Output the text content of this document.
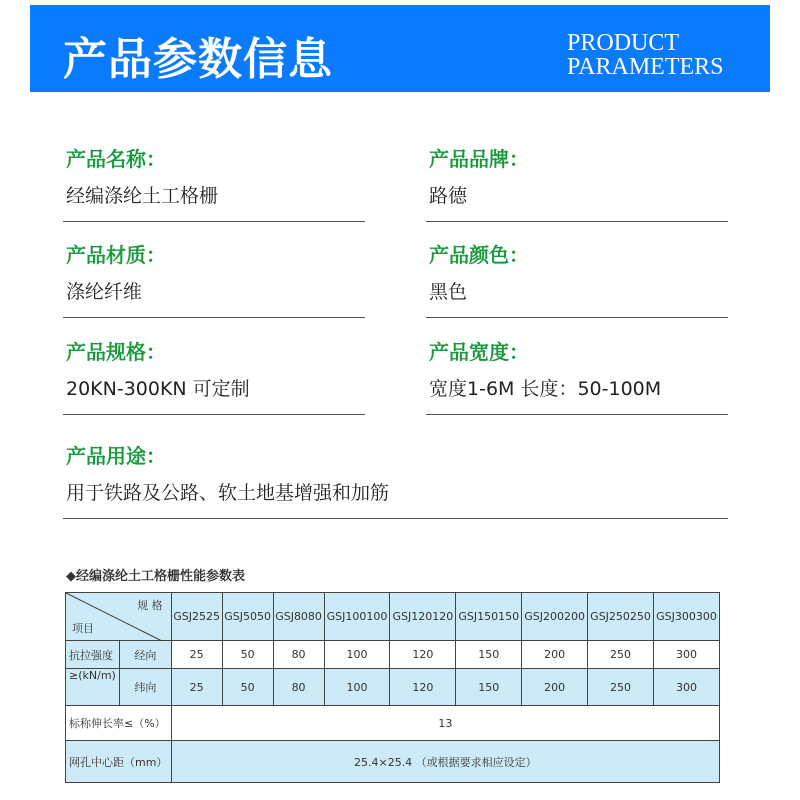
产品参数信息	PRODUCT
PARAMETERS
产品名称：
经编涤纶土工格栅
产品品牌：
路德
产品材质：
涤纶纤维
产品颜色：
黑色
产品规格：
20KN-300KN 可定制
产品宽度：
宽度1-6M 长度：50-100M
产品用途：
用于铁路及公路、软土地基增强和加筋
◆经编涤纶土工格栅性能参数表
规 格
项目		GSJ2525	GSJ5050	GSJ8080	GSJ100100	GSJ120120	GSJ150150	GSJ200200	GSJ250250	GSJ300300
抗拉强度	经向	25	50	80	100	120	150	200	250	300
≥(kN/m)	纬向	25	50	80	100	120	150	200	250	300
标称伸长率≤（%）		13								
网孔中心距（mm）		25.4×25.4 （或根据要求相应设定）								
